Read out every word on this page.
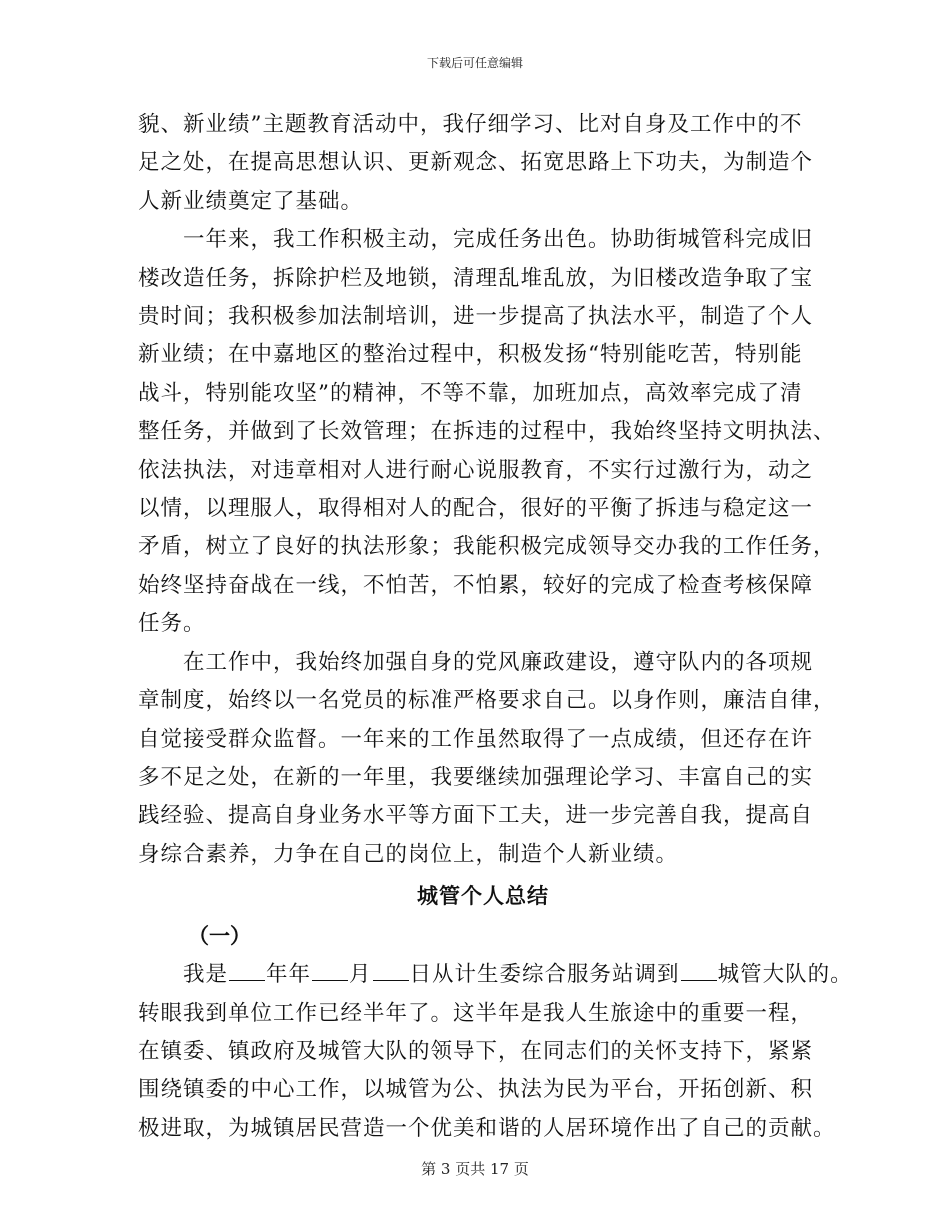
下载后可任意编辑

貌、新业绩”主题教育活动中，我仔细学习、比对自身及工作中的不
足之处，在提高思想认识、更新观念、拓宽思路上下功夫，为制造个
人新业绩奠定了基础。

　　一年来，我工作积极主动，完成任务出色。协助街城管科完成旧
楼改造任务，拆除护栏及地锁，清理乱堆乱放，为旧楼改造争取了宝
贵时间；我积极参加法制培训，进一步提高了执法水平，制造了个人
新业绩；在中嘉地区的整治过程中，积极发扬“特别能吃苦，特别能
战斗，特别能攻坚”的精神，不等不靠，加班加点，高效率完成了清
整任务，并做到了长效管理；在拆违的过程中，我始终坚持文明执法、
依法执法，对违章相对人进行耐心说服教育，不实行过激行为，动之
以情，以理服人，取得相对人的配合，很好的平衡了拆违与稳定这一
矛盾，树立了良好的执法形象；我能积极完成领导交办我的工作任务，
始终坚持奋战在一线，不怕苦，不怕累，较好的完成了检查考核保障
任务。

　　在工作中，我始终加强自身的党风廉政建设，遵守队内的各项规
章制度，始终以一名党员的标准严格要求自己。以身作则，廉洁自律，
自觉接受群众监督。一年来的工作虽然取得了一点成绩，但还存在许
多不足之处，在新的一年里，我要继续加强理论学习、丰富自己的实
践经验、提高自身业务水平等方面下工夫，进一步完善自我，提高自
身综合素养，力争在自己的岗位上，制造个人新业绩。

城管个人总结
（一）

　　我是 年年 月 日从计生委综合服务站调到 城管大队的。
转眼我到单位工作已经半年了。这半年是我人生旅途中的重要一程，
在镇委、镇政府及城管大队的领导下，在同志们的关怀支持下，紧紧
围绕镇委的中心工作，以城管为公、执法为民为平台，开拓创新、积
极进取，为城镇居民营造一个优美和谐的人居环境作出了自己的贡献。

第 3 页共 17 页
